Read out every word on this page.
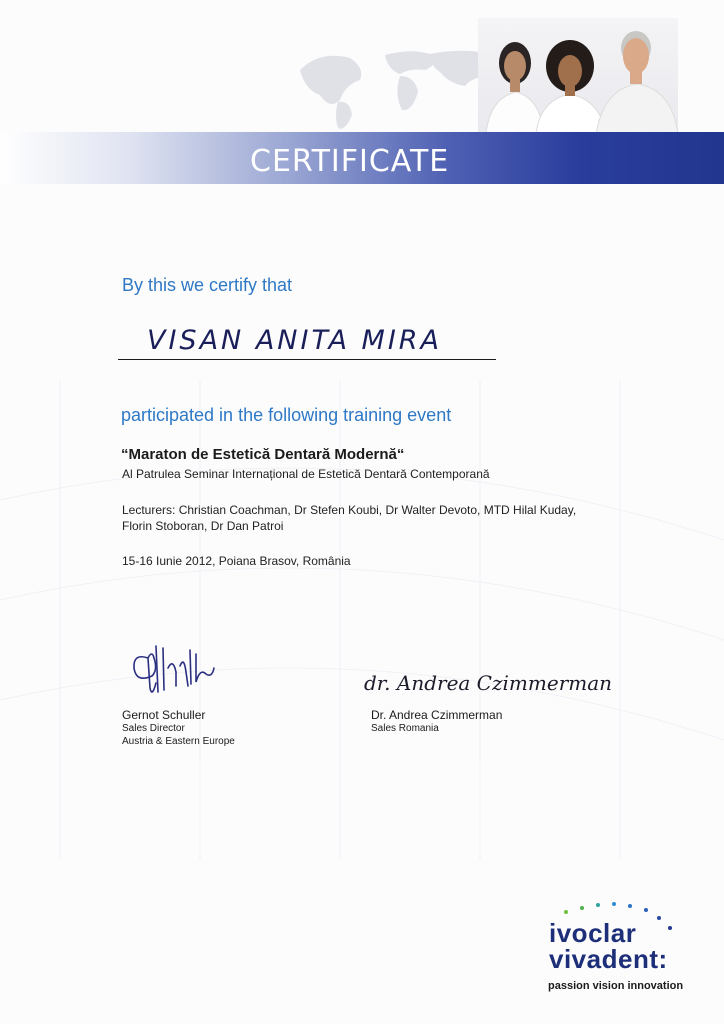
CERTIFICATE
By this we certify that
VISAN ANITA MIRA
participated in the following training event
“Maraton de Estetică Dentară Modernă“
Al Patrulea Seminar Internațional de Estetică Dentară Contemporană
Lecturers: Christian Coachman, Dr Stefen Koubi, Dr Walter Devoto, MTD Hilal Kuday, Florin Stoboran, Dr Dan Patroi
15-16 Iunie 2012, Poiana Brasov, România
dr. Andrea Czimmerman
Gernot Schuller
Sales Director
Austria & Eastern Europe
Dr. Andrea Czimmerman
Sales Romania
ivoclar
vivadent:
passion vision innovation
